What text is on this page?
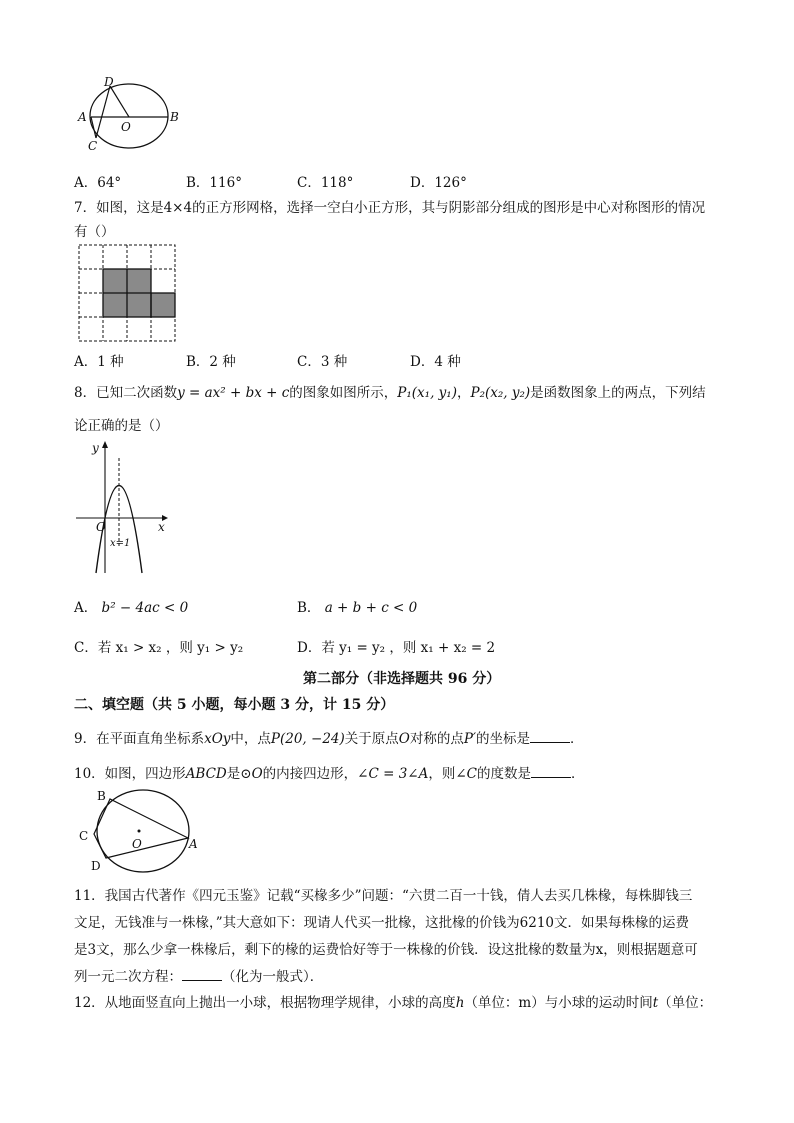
D
A
O
B
C
A．64°	B．116°	C．118°	D．126°
7．如图，这是4×4的正方形网格，选择一空白小正方形，其与阴影部分组成的图形是中心对称图形的情况
有（）
A．1 种	B．2 种	C．3 种	D．4 种
8．已知二次函数y = ax² + bx + c的图象如图所示，P₁(x₁, y₁)，P₂(x₂, y₂)是函数图象上的两点，下列结
论正确的是（）
y
x
O
x=1
A． b² − 4ac < 0	B． a + b + c < 0
C．若 x₁ > x₂ ，则 y₁ > y₂	D．若 y₁ = y₂ ，则 x₁ + x₂ = 2
第二部分（非选择题共 96 分）
二、填空题（共 5 小题，每小题 3 分，计 15 分）
9．在平面直角坐标系xOy中，点P(20, −24)关于原点O对称的点P′的坐标是	．
10．如图，四边形ABCD是⊙O的内接四边形，∠C = 3∠A，则∠C的度数是	．
B
C
D
O	A
11．我国古代著作《四元玉鉴》记载“买椽多少”问题：“六贯二百一十钱，倩人去买几株椽，每株脚钱三
文足，无钱准与一株椽，”其大意如下：现请人代买一批椽，这批椽的价钱为6210文．如果每株椽的运费
是3文，那么少拿一株椽后，剩下的椽的运费恰好等于一株椽的价钱．设这批椽的数量为x，则根据题意可
列一元二次方程：	（化为一般式）．
12．从地面竖直向上抛出一小球，根据物理学规律，小球的高度h（单位：m）与小球的运动时间t（单位：
